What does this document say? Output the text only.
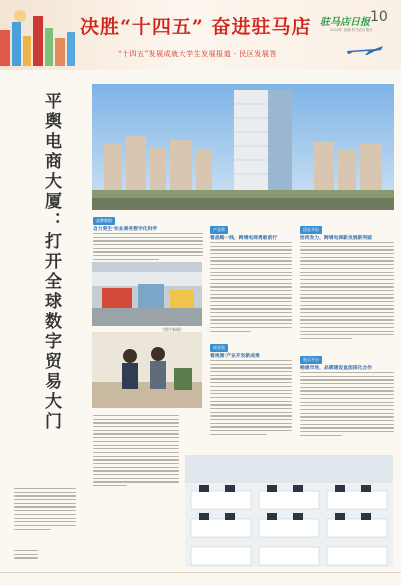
决胜“十四五” 奋进驻马店
“十四五”发展成就大学生发展报道 · 民区发展答
驻马店日报 10
2025年 星期 驻马店日报社
平舆电商大厦：打开全球数字贸易大门	品牌数据
自力更生·实业商务数字化科学	产业带
看战略一线，跨境电商勇敢前行
成业贸
看视频·产业开发新成果
团业开拓
协同发力，跨境电商新发展新突破
展示平台
畅通市场，品牌建设直面深化合作
（图片新闻）
